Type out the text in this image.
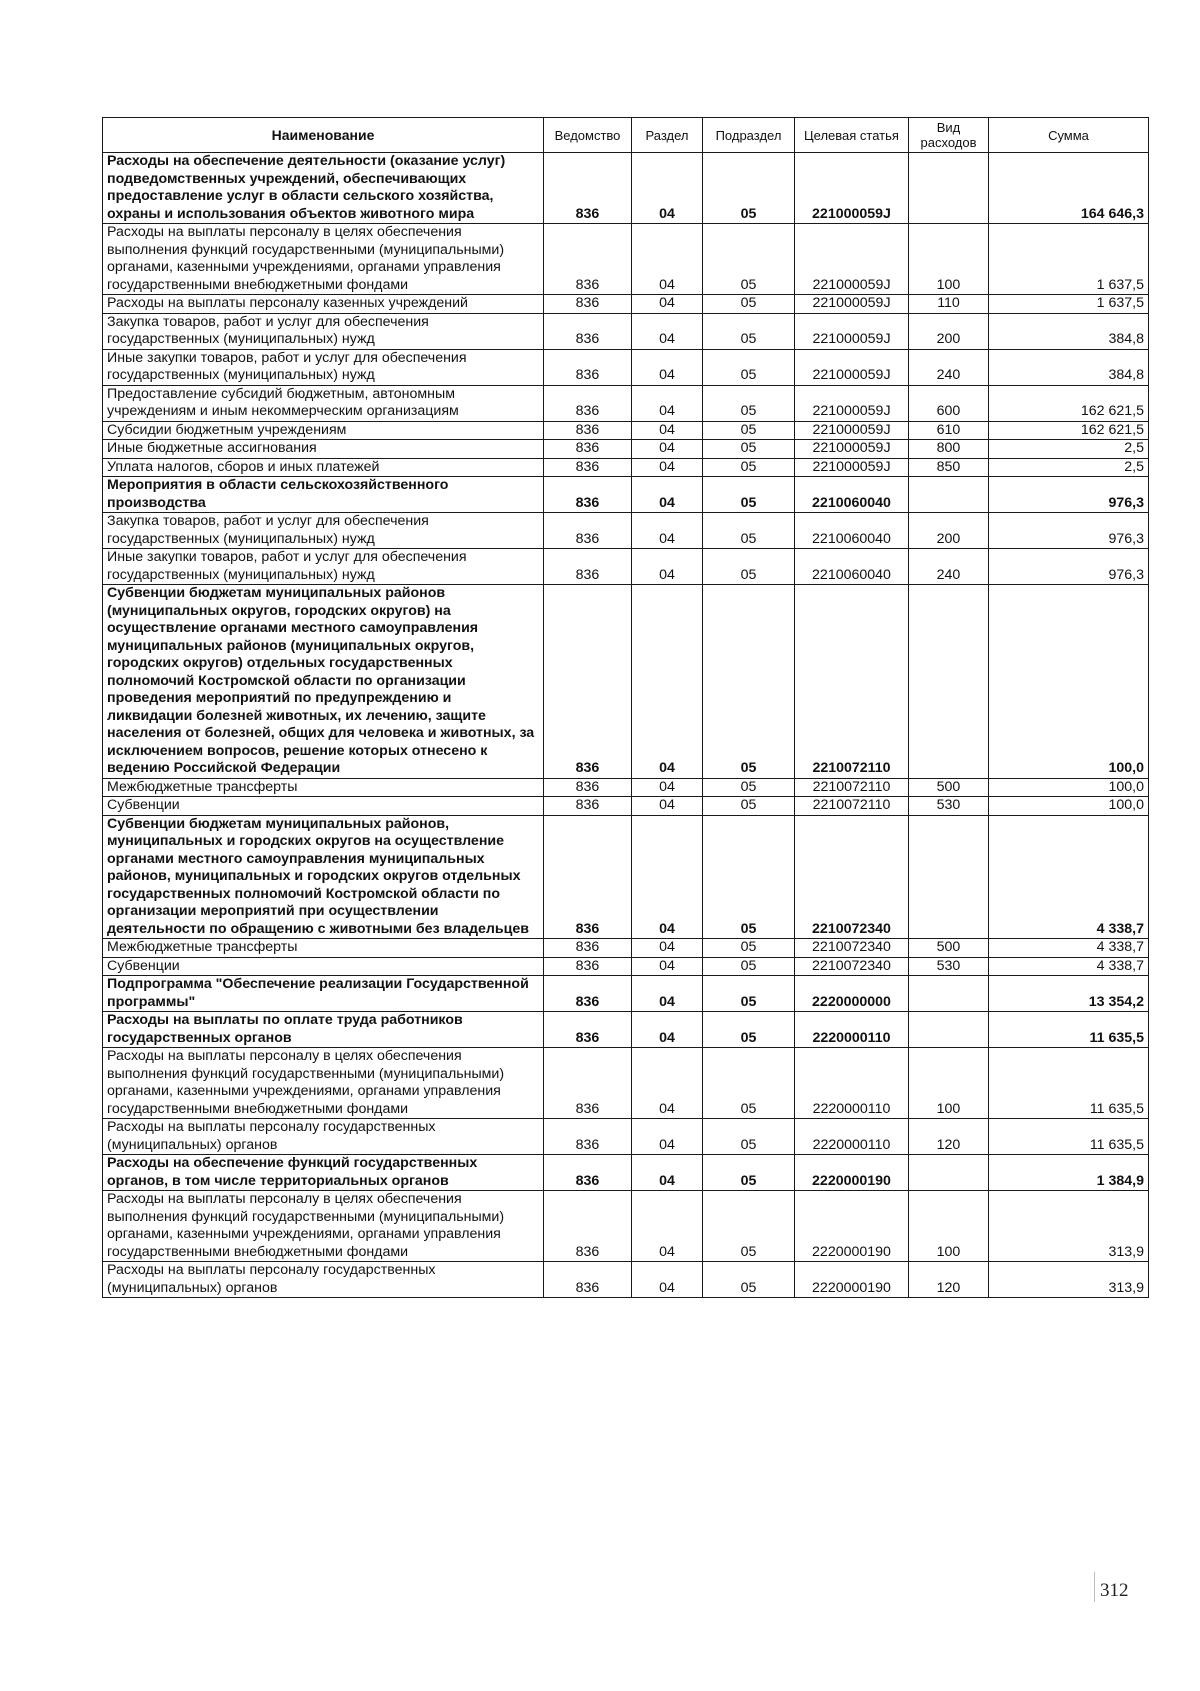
Наименование	Ведомство	Раздел	Подраздел	Целевая статья	Вид расходов	Сумма
Расходы на обеспечение деятельности (оказание услуг) подведомственных учреждений, обеспечивающих предоставление услуг в области сельского хозяйства, охраны и использования объектов животного мира	836	04	05	221000059J		164 646,3
Расходы на выплаты персоналу в целях обеспечения выполнения функций государственными (муниципальными) органами, казенными учреждениями, органами управления государственными внебюджетными фондами	836	04	05	221000059J	100	1 637,5
Расходы на выплаты персоналу казенных учреждений	836	04	05	221000059J	110	1 637,5
Закупка товаров, работ и услуг для обеспечения государственных (муниципальных) нужд	836	04	05	221000059J	200	384,8
Иные закупки товаров, работ и услуг для обеспечения государственных (муниципальных) нужд	836	04	05	221000059J	240	384,8
Предоставление субсидий бюджетным, автономным учреждениям и иным некоммерческим организациям	836	04	05	221000059J	600	162 621,5
Субсидии бюджетным учреждениям	836	04	05	221000059J	610	162 621,5
Иные бюджетные ассигнования	836	04	05	221000059J	800	2,5
Уплата налогов, сборов и иных платежей	836	04	05	221000059J	850	2,5
Мероприятия в области сельскохозяйственного производства	836	04	05	2210060040		976,3
Закупка товаров, работ и услуг для обеспечения государственных (муниципальных) нужд	836	04	05	2210060040	200	976,3
Иные закупки товаров, работ и услуг для обеспечения государственных (муниципальных) нужд	836	04	05	2210060040	240	976,3
Субвенции бюджетам муниципальных районов (муниципальных округов, городских округов) на осуществление органами местного самоуправления муниципальных районов (муниципальных округов, городских округов) отдельных государственных полномочий Костромской области по организации проведения мероприятий по предупреждению и ликвидации болезней животных, их лечению, защите населения от болезней, общих для человека и животных, за исключением вопросов, решение которых отнесено к ведению Российской Федерации	836	04	05	2210072110		100,0
Межбюджетные трансферты	836	04	05	2210072110	500	100,0
Субвенции	836	04	05	2210072110	530	100,0
Субвенции бюджетам муниципальных районов, муниципальных и городских округов на осуществление органами местного самоуправления муниципальных районов, муниципальных и городских округов отдельных государственных полномочий Костромской области по организации мероприятий при осуществлении деятельности по обращению с животными без владельцев	836	04	05	2210072340		4 338,7
Межбюджетные трансферты	836	04	05	2210072340	500	4 338,7
Субвенции	836	04	05	2210072340	530	4 338,7
Подпрограмма "Обеспечение реализации Государственной программы"	836	04	05	2220000000		13 354,2
Расходы на выплаты по оплате труда работников государственных органов	836	04	05	2220000110		11 635,5
Расходы на выплаты персоналу в целях обеспечения выполнения функций государственными (муниципальными) органами, казенными учреждениями, органами управления государственными внебюджетными фондами	836	04	05	2220000110	100	11 635,5
Расходы на выплаты персоналу государственных (муниципальных) органов	836	04	05	2220000110	120	11 635,5
Расходы на обеспечение функций государственных органов, в том числе территориальных органов	836	04	05	2220000190		1 384,9
Расходы на выплаты персоналу в целях обеспечения выполнения функций государственными (муниципальными) органами, казенными учреждениями, органами управления государственными внебюджетными фондами	836	04	05	2220000190	100	313,9
Расходы на выплаты персоналу государственных (муниципальных) органов	836	04	05	2220000190	120	313,9
312
